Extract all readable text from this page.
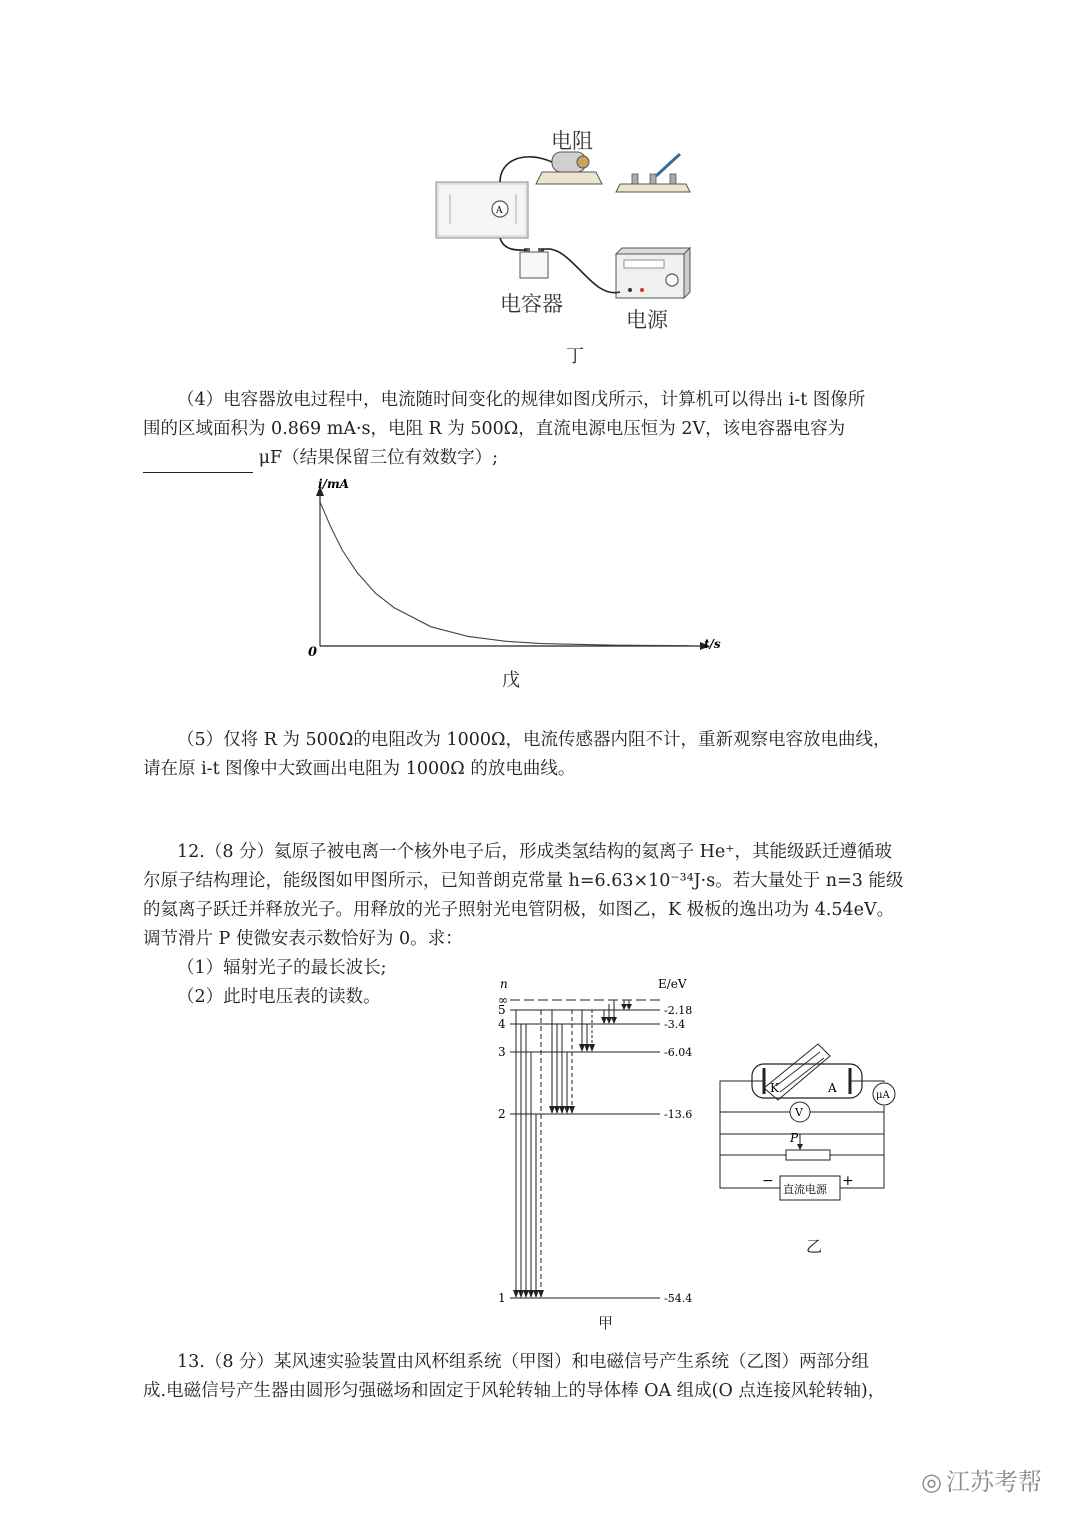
A
电阻
电容器
电源
丁
（4）电容器放电过程中，电流随时间变化的规律如图戊所示，计算机可以得出 i-t 图像所
围的区域面积为 0.869 mA·s，电阻 R 为 500Ω，直流电源电压恒为 2V，该电容器电容为
μF（结果保留三位有效数字）;
i/mA
t/s
0
戊
（5）仅将 R 为 500Ω的电阻改为 1000Ω，电流传感器内阻不计，重新观察电容放电曲线，
请在原 i-t 图像中大致画出电阻为 1000Ω 的放电曲线。
12.（8 分）氦原子被电离一个核外电子后，形成类氢结构的氦离子 He⁺，其能级跃迁遵循玻
尔原子结构理论，能级图如甲图所示，已知普朗克常量 h=6.63×10⁻³⁴J·s。若大量处于 n=3 能级
的氦离子跃迁并释放光子。用释放的光子照射光电管阴极，如图乙，K 极板的逸出功为 4.54eV。
调节滑片 P 使微安表示数恰好为 0。求：
（1）辐射光子的最长波长;
（2）此时电压表的读数。
n	E/eV
∞
5
4
3
2
1
-2.18
-3.4
-6.04
-13.6
-54.4
甲
K	A
μA
V
P
直流电源
−	+
乙
13.（8 分）某风速实验装置由风杯组系统（甲图）和电磁信号产生系统（乙图）两部分组
成.电磁信号产生器由圆形匀强磁场和固定于风轮转轴上的导体棒 OA 组成(O 点连接风轮转轴)，
◎ 江苏考帮
